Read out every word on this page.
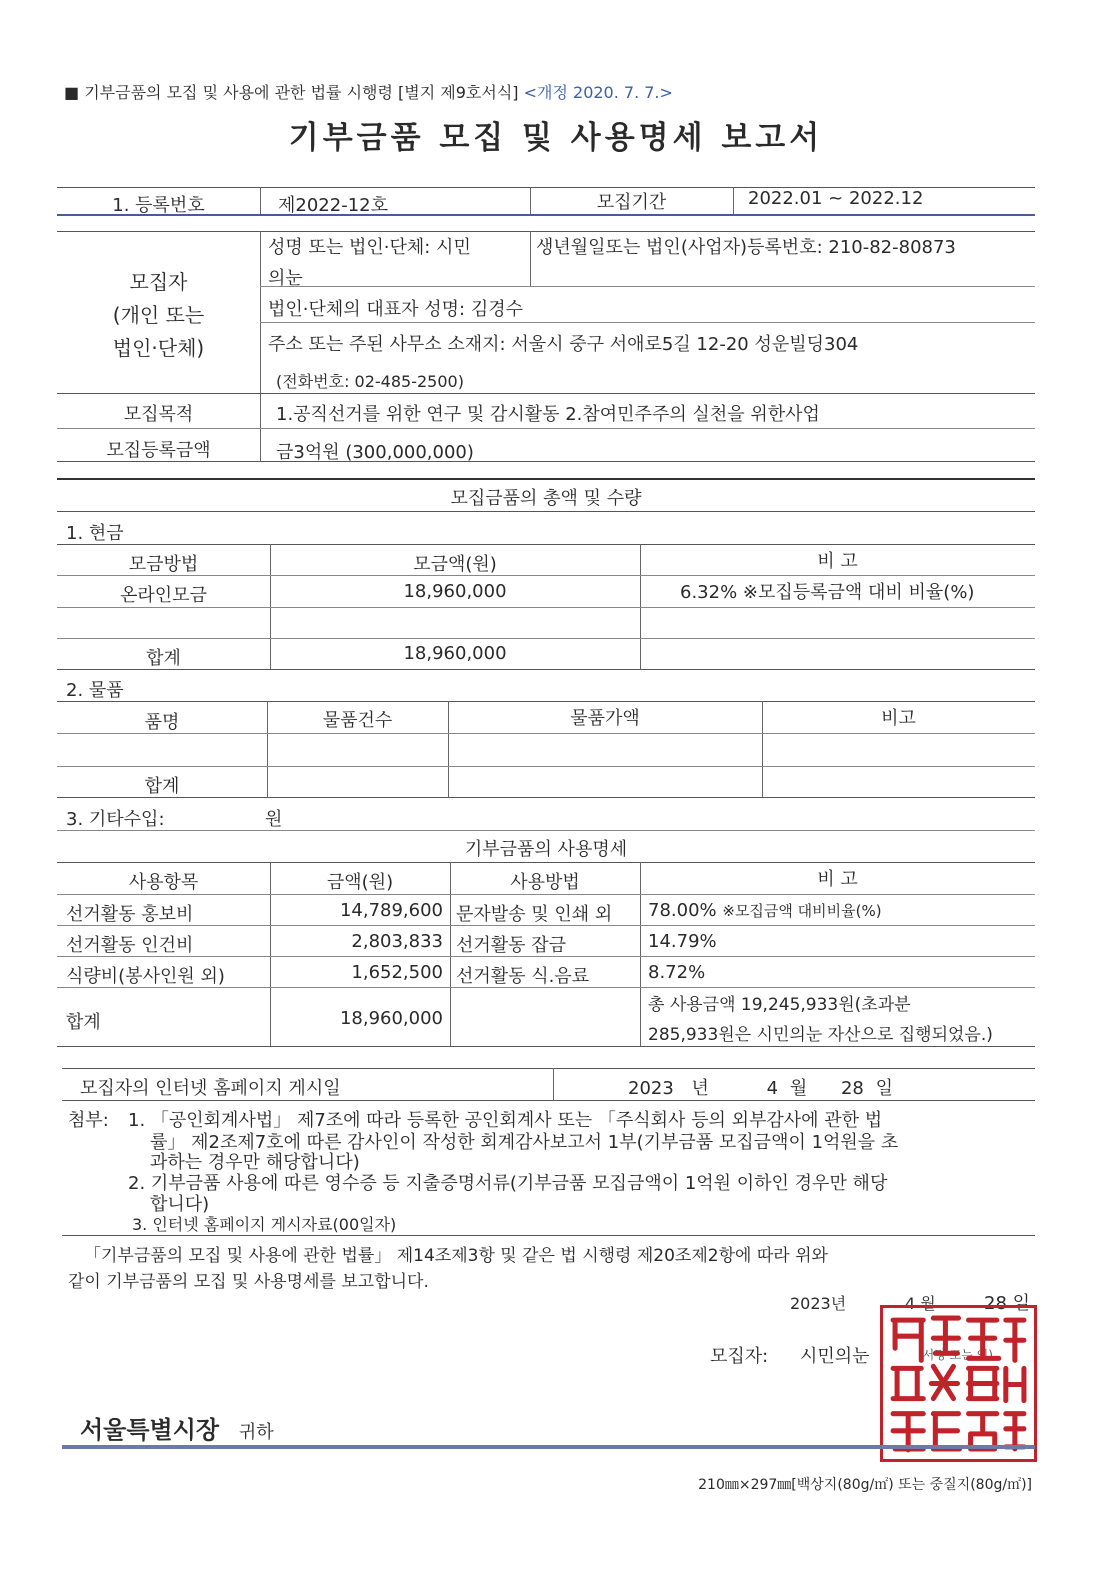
■ 기부금품의 모집 및 사용에 관한 법률 시행령 [별지 제9호서식] <개정 2020. 7. 7.>
기부금품 모집 및 사용명세 보고서
1. 등록번호	제2022-12호	모집기간	2022.01 ~ 2022.12
모집자
(개인 또는
법인·단체)
성명 또는 법인·단체: 시민
의눈
생년월일또는 법인(사업자)등록번호: 210-82-80873
법인·단체의 대표자 성명: 김경수
주소 또는 주된 사무소 소재지: 서울시 중구 서애로5길 12-20 성운빌딩304
(전화번호: 02-485-2500)
모집목적	1.공직선거를 위한 연구 및 감시활동 2.참여민주주의 실천을 위한사업
모집등록금액	금3억원 (300,000,000)
모집금품의 총액 및 수량
1. 현금
모금방법	모금액(원)	비 고
온라인모금	18,960,000	6.32% ※모집등록금액 대비 비율(%)
합계	18,960,000
2. 물품
품명	물품건수	물품가액	비고
합계
3. 기타수입:	원
기부금품의 사용명세
사용항목	금액(원)	사용방법	비 고
선거활동 홍보비	14,789,600 문자발송 및 인쇄 외 78.00% ※모집금액 대비비율(%)
선거활동 인건비	2,803,833 선거활동 잡금	14.79%
식량비(봉사인원 외)	1,652,500 선거활동 식.음료	8.72%
합계	18,960,000
총 사용금액 19,245,933원(초과분
285,933원은 시민의눈 자산으로 집행되었음.)
모집자의 인터넷 홈페이지 게시일	2023 년	4 월 28 일
첨부: 1. 「공인회계사법」 제7조에 따라 등록한 공인회계사 또는 「주식회사 등의 외부감사에 관한 법
률」 제2조제7호에 따른 감사인이 작성한 회계감사보고서 1부(기부금품 모집금액이 1억원을 초
과하는 경우만 해당합니다)
2. 기부금품 사용에 따른 영수증 등 지출증명서류(기부금품 모집금액이 1억원 이하인 경우만 해당
합니다)
3. 인터넷 홈페이지 게시자료(00일자)
「기부금품의 모집 및 사용에 관한 법률」 제14조제3항 및 같은 법 시행령 제20조제2항에 따라 위와
같이 기부금품의 모집 및 사용명세를 보고합니다.
2023년	4 월	28 일
모집자: 시민의눈	(서명 또는 인)
서울특별시장 귀하
210㎜×297㎜[백상지(80g/㎡) 또는 중질지(80g/㎡)]
